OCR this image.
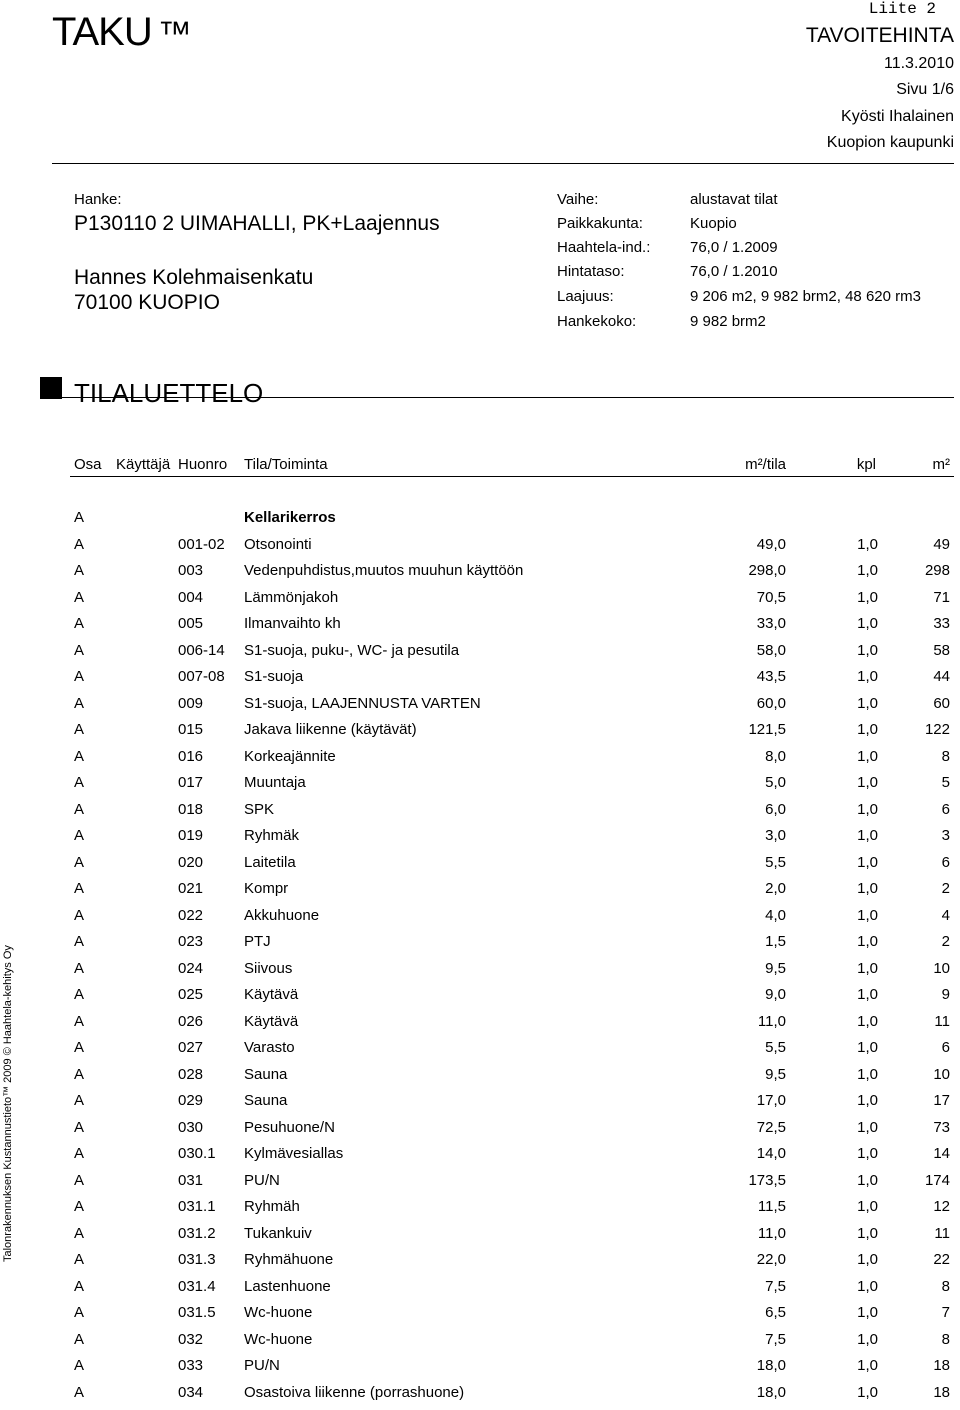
TAKU ™
Liite 2
TAVOITEHINTA
11.3.2010
Sivu 1/6
Kyösti Ihalainen
Kuopion kaupunki
Hanke:
P130110 2 UIMAHALLI, PK+Laajennus
Hannes Kolehmaisenkatu
70100 KUOPIO
Vaihe:	alustavat tilat
Paikkakunta:	Kuopio
Haahtela-ind.:	76,0 / 1.2009
Hintataso:	76,0 / 1.2010
Laajuus:	9 206 m2, 9 982 brm2, 48 620 rm3
Hankekoko:	9 982 brm2
TILALUETTELO
Osa Käyttäjä Huonro Tila/Toiminta	m²/tila	kpl	m²
A	Kellarikerros
A	001-02 Otsonointi	49,0	1,0	49
A	003	Vedenpuhdistus,muutos muuhun käyttöön	298,0	1,0	298
A	004	Lämmönjakoh	70,5	1,0	71
A	005	Ilmanvaihto kh	33,0	1,0	33
A	006-14 S1-suoja, puku-, WC- ja pesutila	58,0	1,0	58
A	007-08 S1-suoja	43,5	1,0	44
A	009	S1-suoja, LAAJENNUSTA VARTEN	60,0	1,0	60
A	015	Jakava liikenne (käytävät)	121,5	1,0	122
A	016	Korkeajännite	8,0	1,0	8
A	017	Muuntaja	5,0	1,0	5
A	018	SPK	6,0	1,0	6
A	019	Ryhmäk	3,0	1,0	3
A	020	Laitetila	5,5	1,0	6
A	021	Kompr	2,0	1,0	2
A	022	Akkuhuone	4,0	1,0	4
A	023	PTJ	1,5	1,0	2
A	024	Siivous	9,5	1,0	10
A	025	Käytävä	9,0	1,0	9
A	026	Käytävä	11,0	1,0	11
A	027	Varasto	5,5	1,0	6
A	028	Sauna	9,5	1,0	10
A	029	Sauna	17,0	1,0	17
A	030	Pesuhuone/N	72,5	1,0	73
A	030.1 Kylmävesiallas	14,0	1,0	14
A	031	PU/N	173,5	1,0	174
A	031.1 Ryhmäh	11,5	1,0	12
A	031.2 Tukankuiv	11,0	1,0	11
A	031.3 Ryhmähuone	22,0	1,0	22
A	031.4 Lastenhuone	7,5	1,0	8
A	031.5 Wc-huone	6,5	1,0	7
A	032	Wc-huone	7,5	1,0	8
A	033	PU/N	18,0	1,0	18
A	034	Osastoiva liikenne (porrashuone)	18,0	1,0	18
Talonrakennuksen Kustannustieto™ 2009 © Haahtela-kehitys Oy
